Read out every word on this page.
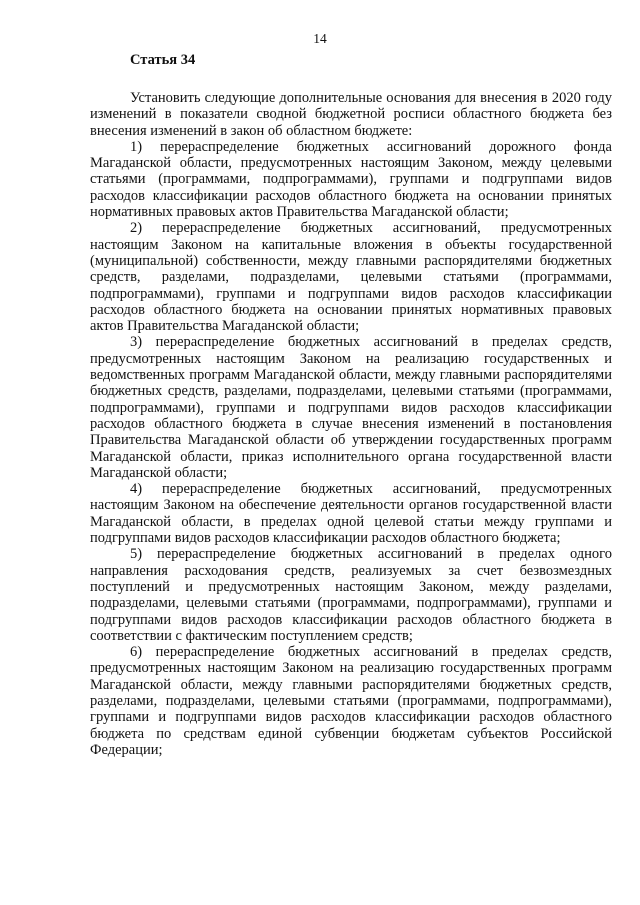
14
Статья 34

Установить следующие дополнительные основания для внесения в 2020 году изменений в показатели сводной бюджетной росписи областного бюджета без внесения изменений в закон об областном бюджете:

1) перераспределение бюджетных ассигнований дорожного фонда Магаданской области, предусмотренных настоящим Законом, между целевыми статьями (программами, подпрограммами), группами и подгруппами видов расходов классификации расходов областного бюджета на основании принятых нормативных правовых актов Правительства Магаданской области;

2) перераспределение бюджетных ассигнований, предусмотренных настоящим Законом на капитальные вложения в объекты государственной (муниципальной) собственности, между главными распорядителями бюджетных средств, разделами, подразделами, целевыми статьями (программами, подпрограммами), группами и подгруппами видов расходов классификации расходов областного бюджета на основании принятых нормативных правовых актов Правительства Магаданской области;

3) перераспределение бюджетных ассигнований в пределах средств, предусмотренных настоящим Законом на реализацию государственных и ведомственных программ Магаданской области, между главными распорядителями бюджетных средств, разделами, подразделами, целевыми статьями (программами, подпрограммами), группами и подгруппами видов расходов классификации расходов областного бюджета в случае внесения изменений в постановления Правительства Магаданской области об утверждении государственных программ Магаданской области, приказ исполнительного органа государственной власти Магаданской области;

4) перераспределение бюджетных ассигнований, предусмотренных настоящим Законом на обеспечение деятельности органов государственной власти Магаданской области, в пределах одной целевой статьи между группами и подгруппами видов расходов классификации расходов областного бюджета;

5) перераспределение бюджетных ассигнований в пределах одного направления расходования средств, реализуемых за счет безвозмездных поступлений и предусмотренных настоящим Законом, между разделами, подразделами, целевыми статьями (программами, подпрограммами), группами и подгруппами видов расходов классификации расходов областного бюджета в соответствии с фактическим поступлением средств;

6) перераспределение бюджетных ассигнований в пределах средств, предусмотренных настоящим Законом на реализацию государственных программ Магаданской области, между главными распорядителями бюджетных средств, разделами, подразделами, целевыми статьями (программами, подпрограммами), группами и подгруппами видов расходов классификации расходов областного бюджета по средствам единой субвенции бюджетам субъектов Российской Федерации;
